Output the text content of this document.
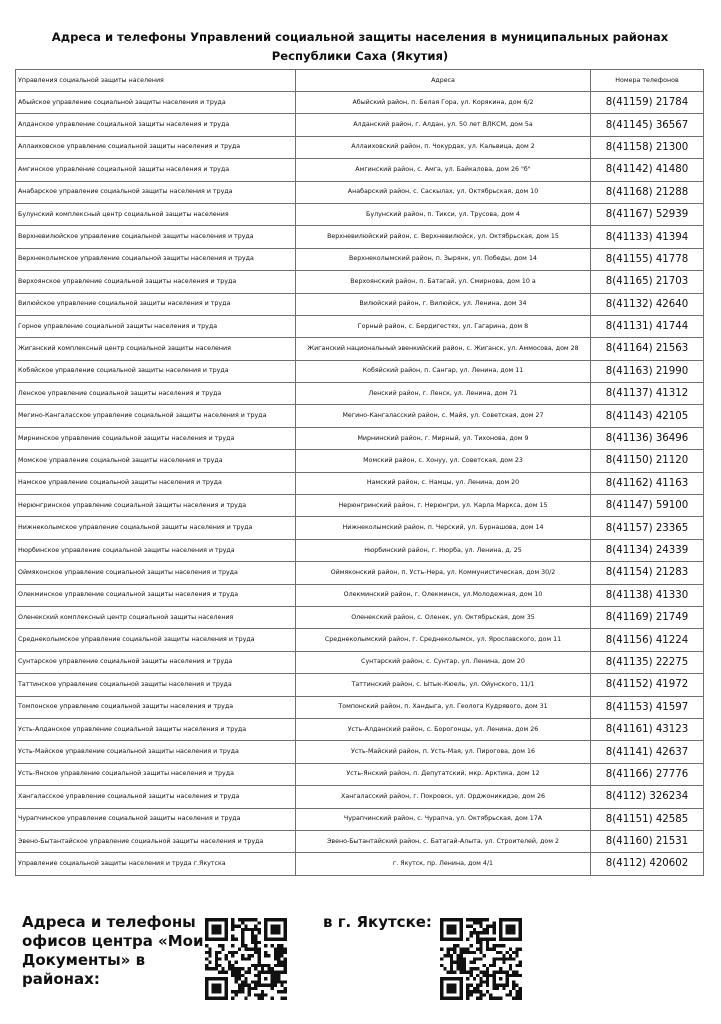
Адреса и телефоны Управлений социальной защиты населения в муниципальных районах
Республики Саха (Якутия)
Управления социальной защиты населения	Адреса	Номера телефонов
Абыйское управление социальной защиты населения и труда	Абыйский район, п. Белая Гора, ул. Корякина, дом 6/2	8(41159) 21784
Алданское управление социальной защиты населения и труда	Алданский район, г. Алдан, ул. 50 лет ВЛКСМ, дом 5а	8(41145) 36567
Аллаиховское управление социальной защиты населения и труда	Аллаиховский район, п. Чокурдах, ул. Кальвица, дом 2	8(41158) 21300
Амгинское управление социальной защиты населения и труда	Амгинский район, с. Амга, ул. Байкалова, дом 26 "б"	8(41142) 41480
Анабарское управление социальной защиты населения и труда	Анабарский район, с. Саскылах, ул. Октябрьская, дом 10	8(41168) 21288
Булунский комплексный центр социальной защиты населения	Булунский район, п. Тикси, ул. Трусова, дом 4	8(41167) 52939
Верхневилюйское управление социальной защиты населения и труда	Верхневилюйский район, с. Верхневилюйск, ул. Октябрьская, дом 15	8(41133) 41394
Верхнеколымское управление социальной защиты населения и труда	Верхнеколымский район, п. Зырянк, ул. Победы, дом 14	8(41155) 41778
Верхоянское управление социальной защиты населения и труда	Верхоянский район, п. Батагай, ул. Смирнова, дом 10 а	8(41165) 21703
Вилюйское управление социальной защиты населения и труда	Вилюйский район, г. Вилюйск, ул. Ленина, дом 34	8(41132) 42640
Горное управление социальной защиты населения и труда	Горный район, с. Бердигестях, ул. Гагарина, дом 8	8(41131) 41744
Жиганский комплексный центр социальной защиты населения	Жиганский национальный эвенкийский район, с. Жиганск, ул. Аммосова, дом 28	8(41164) 21563
Кобяйское управление социальной защиты населения и труда	Кобяйский район, п. Сангар, ул. Ленина, дом 11	8(41163) 21990
Ленское управление социальной защиты населения и труда	Ленский район, г. Ленск, ул. Ленина, дом 71	8(41137) 41312
Мегино-Кангаласское управление социальной защиты населения и труда	Мегино-Кангаласский район, с. Майя, ул. Советская, дом 27	8(41143) 42105
Мирнинское управление социальной защиты населения и труда	Мирнинский район, г. Мирный, ул. Тихонова, дом 9	8(41136) 36496
Момское управление социальной защиты населения и труда	Момский район, с. Хонуу, ул. Советская, дом 23	8(41150) 21120
Намское управление социальной защиты населения и труда	Намский район, с. Намцы, ул. Ленина, дом 20	8(41162) 41163
Нерюнгринское управление социальной защиты населения и труда	Нерюнгринский район, г. Нерюнгри, ул. Карла Маркса, дом 15	8(41147) 59100
Нижнеколымское управление социальной защиты населения и труда	Нижнеколымский район, п. Черский, ул. Бурнашова, дом 14	8(41157) 23365
Нюрбинское управление социальной защиты населения и труда	Нюрбинский район, г. Нюрба, ул. Ленина, д. 25	8(41134) 24339
Оймяконское управление социальной защиты населения и труда	Оймяконский район, п. Усть-Нера, ул. Коммунистическая, дом 30/2	8(41154) 21283
Олекминское управление социальной защиты населения и труда	Олекминский район, г. Олекминск, ул.Молодежная, дом 10	8(41138) 41330
Оленекский комплексный центр социальной защиты населения	Оленекский район, с. Оленек, ул. Октябрьская, дом 35	8(41169) 21749
Среднеколымское управление социальной защиты населения и труда	Среднеколымский район, г. Среднеколымск, ул. Ярославского, дом 11	8(41156) 41224
Сунтарское управление социальной защиты населения и труда	Сунтарский район, с. Сунтар, ул. Ленина, дом 20	8(41135) 22275
Таттинское управление социальной защиты населения и труда	Таттинский район, с. Ытык-Кюель, ул. Ойунского, 11/1	8(41152) 41972
Томпонское управление социальной защиты населения и труда	Томпонский район, п. Хандыга, ул. Геолога Кудрявого, дом 31	8(41153) 41597
Усть-Алданское управление социальной защиты населения и труда	Усть-Алданский район, с. Борогонцы, ул. Ленина, дом 26	8(41161) 43123
Усть-Майское управление социальной защиты населения и труда	Усть-Майский район, п. Усть-Мая, ул. Пирогова, дом 16	8(41141) 42637
Усть-Янское управление социальной защиты населения и труда	Усть-Янский район, п. Депутатский, мкр. Арктика, дом 12	8(41166) 27776
Хангаласское управление социальной защиты населения и труда	Хангаласский район, г. Покровск, ул. Орджоникидзе, дом 26	8(4112) 326234
Чурапчинское управление социальной защиты населения и труда	Чурапчинский район, с. Чурапча, ул. Октябрьская, дом 17А	8(41151) 42585
Эвено-Бытантайское управление социальной защиты населения и труда	Эвено-Бытантайский район, с. Батагай-Алыта, ул. Строителей, дом 2	8(41160) 21531
Управление социальной защиты населения и труда г.Якутска	г. Якутск, пр. Ленина, дом 4/1	8(4112) 420602
Адреса и телефоны офисов центра «Мои Документы» в районах:
в г. Якутске:
